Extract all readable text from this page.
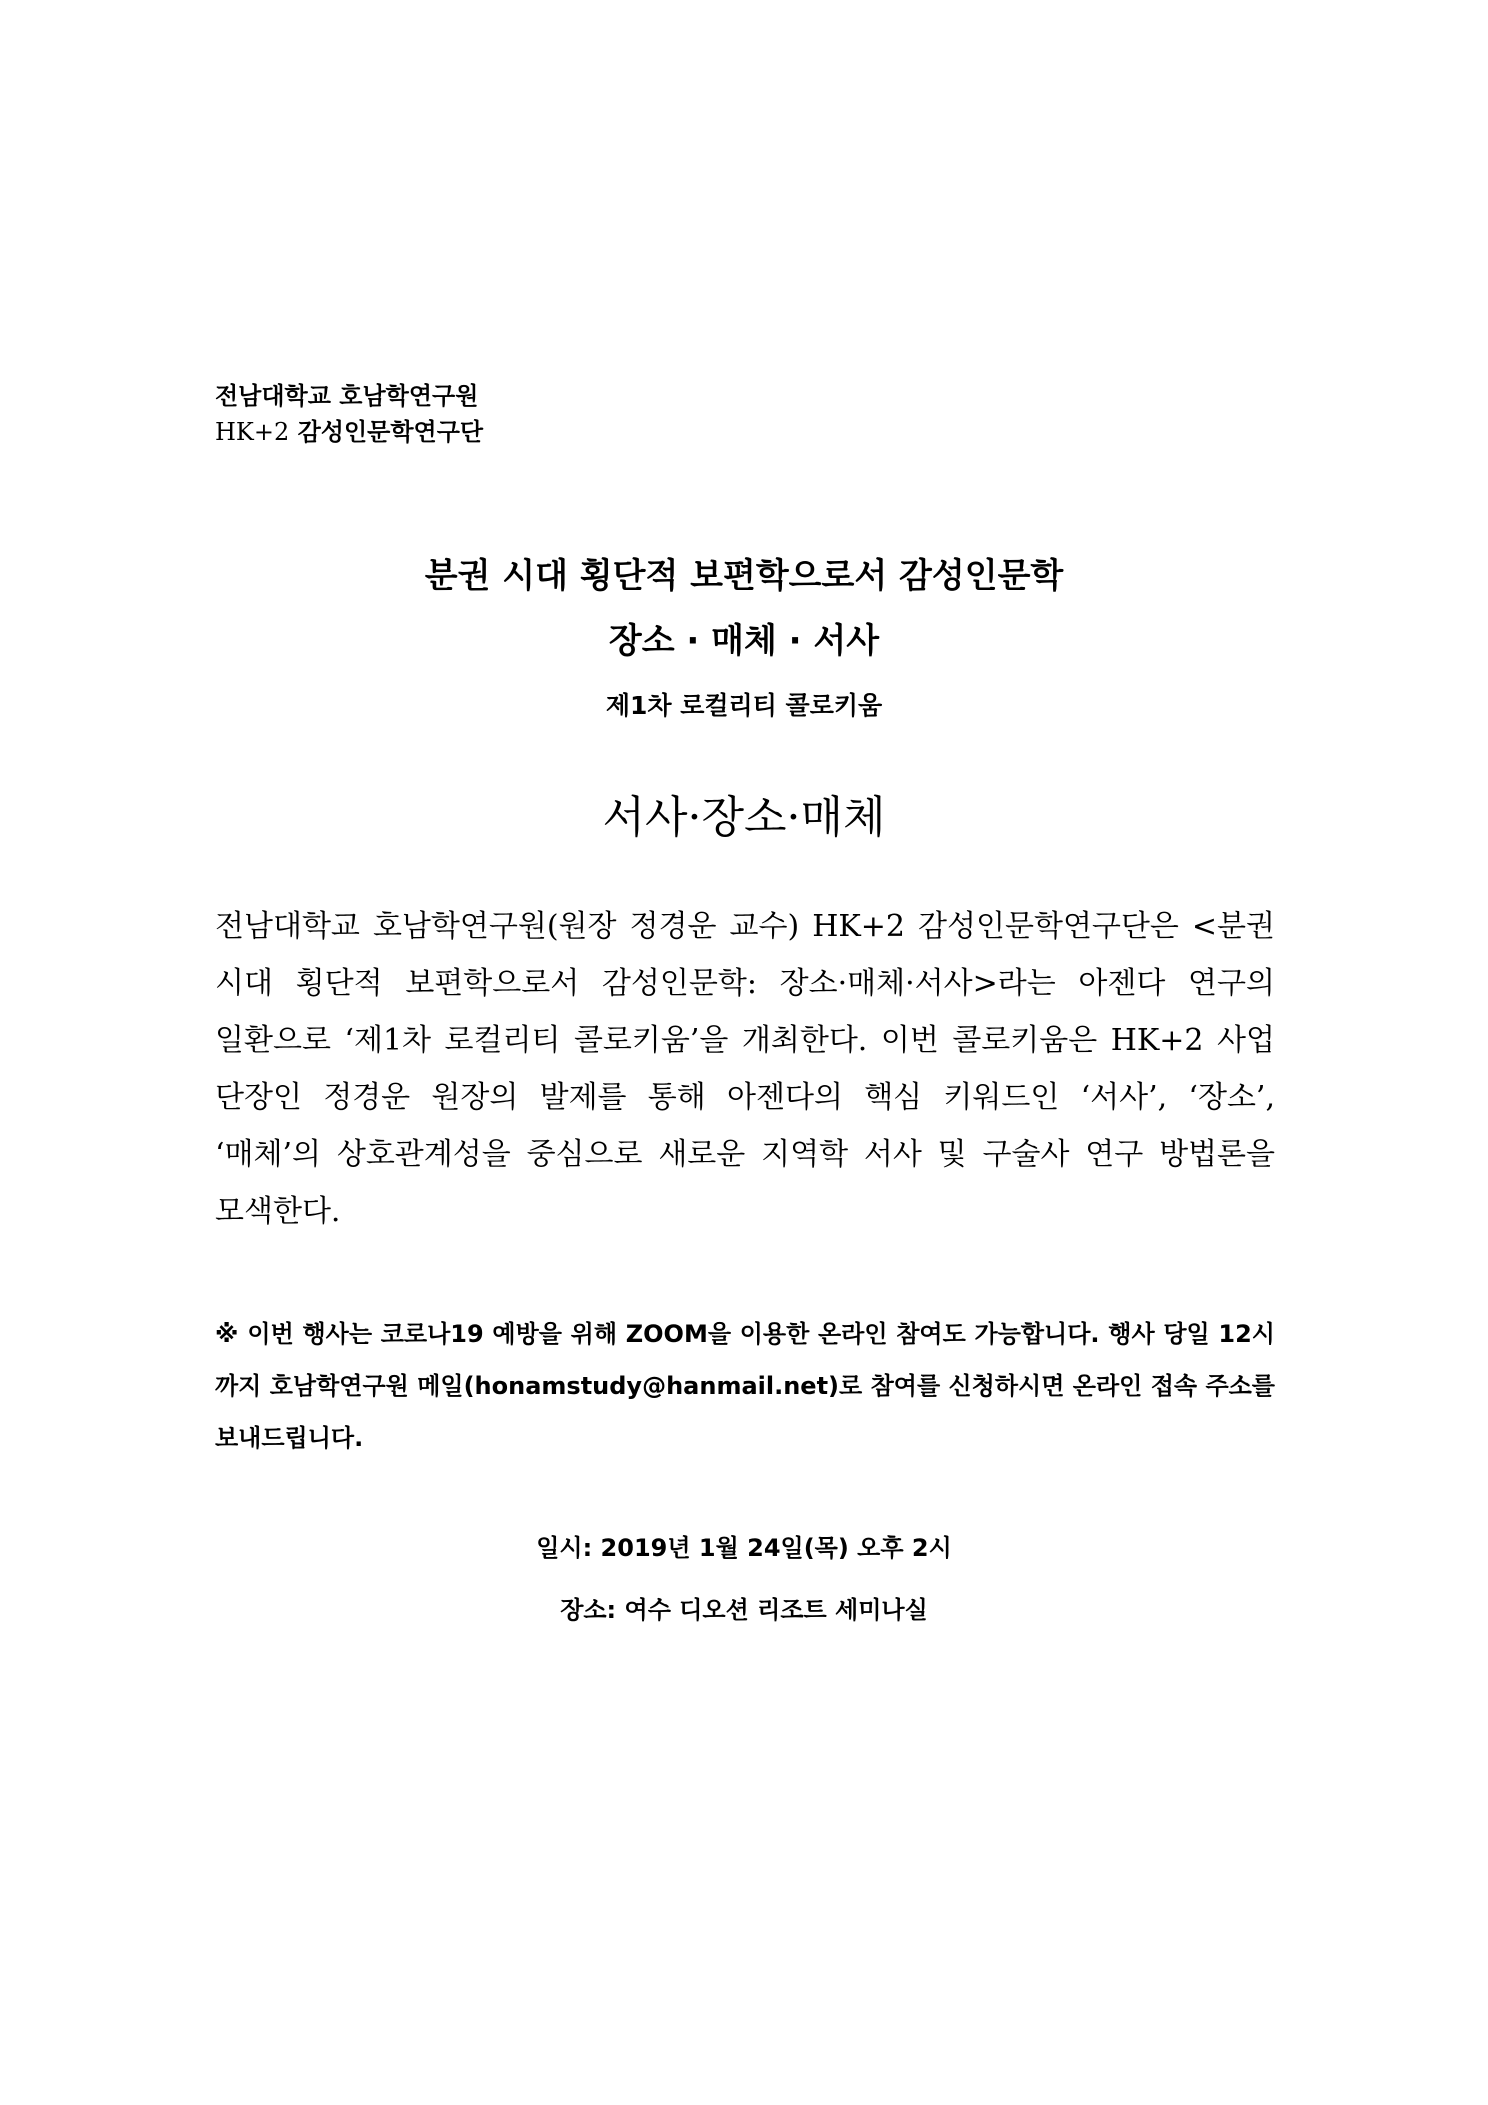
전남대학교 호남학연구원
HK+2 감성인문학연구단
분권 시대 횡단적 보편학으로서 감성인문학
장소 · 매체 · 서사
제1차 로컬리티 콜로키움
서사·장소·매체
전남대학교 호남학연구원(원장 정경운 교수) HK+2 감성인문학연구단은 <분권 시대 횡단적 보편학으로서 감성인문학: 장소·매체·서사>라는 아젠다 연구의 일환으로 ‘제1차 로컬리티 콜로키움’을 개최한다. 이번 콜로키움은 HK+2 사업 단장인 정경운 원장의 발제를 통해 아젠다의 핵심 키워드인 ‘서사’, ‘장소’, ‘매체’의 상호관계성을 중심으로 새로운 지역학 서사 및 구술사 연구 방법론을 모색한다.
※ 이번 행사는 코로나19 예방을 위해 ZOOM을 이용한 온라인 참여도 가능합니다. 행사 당일 12시까지 호남학연구원 메일(honamstudy@hanmail.net)로 참여를 신청하시면 온라인 접속 주소를 보내드립니다.
일시: 2019년 1월 24일(목) 오후 2시
장소: 여수 디오션 리조트 세미나실
